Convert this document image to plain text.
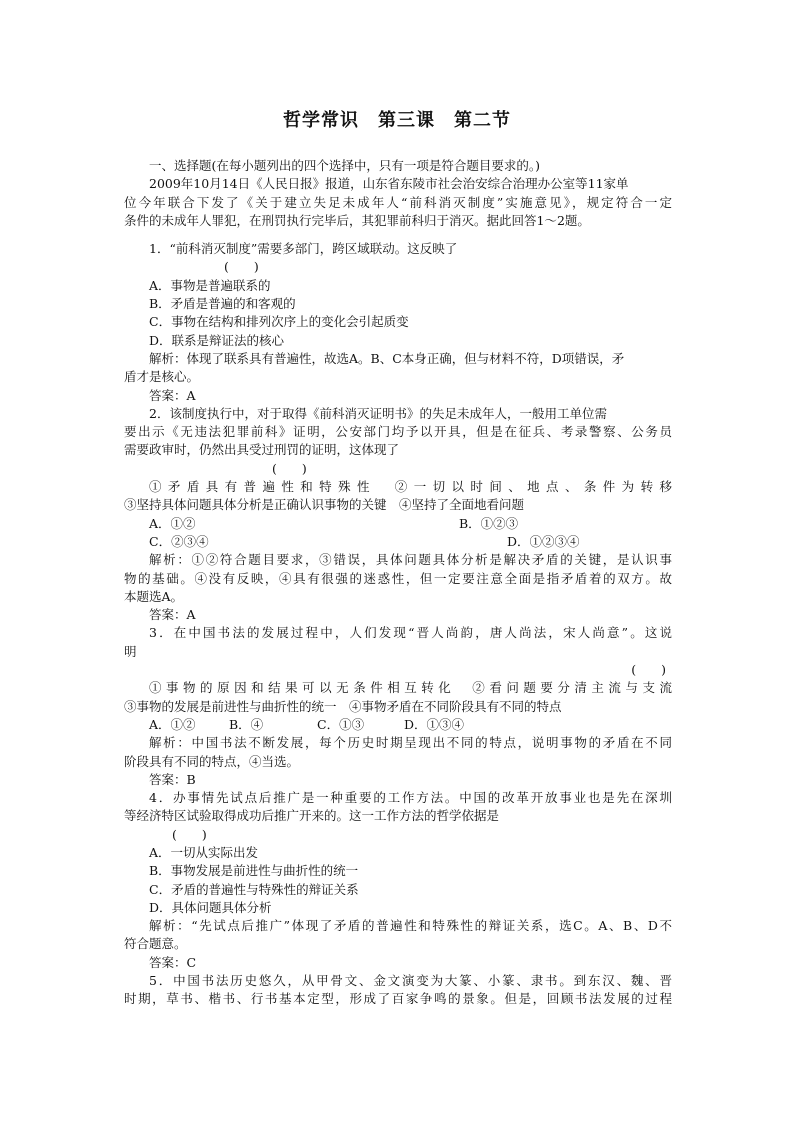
哲学常识　第三课　第二节
一、选择题(在每小题列出的四个选择中，只有一项是符合题目要求的。)
2009年10月14日《人民日报》报道，山东省东陵市社会治安综合治理办公室等11家单
位今年联合下发了《关于建立失足未成年人“前科消灭制度”实施意见》，规定符合一定
条件的未成年人罪犯，在刑罚执行完毕后，其犯罪前科归于消灭。据此回答1～2题。
1．“前科消灭制度”需要多部门，跨区域联动。这反映了
(　　)
A．事物是普遍联系的
B．矛盾是普遍的和客观的
C．事物在结构和排列次序上的变化会引起质变
D．联系是辩证法的核心
解析：体现了联系具有普遍性，故选A。B、C本身正确，但与材料不符，D项错误，矛
盾才是核心。
答案：A
2．该制度执行中，对于取得《前科消灭证明书》的失足未成年人，一般用工单位需
要出示《无违法犯罪前科》证明，公安部门均予以开具，但是在征兵、考录警察、公务员
需要政审时，仍然出具受过刑罚的证明，这体现了
(　　)
①矛盾具有普遍性和特殊性　②一切以时间、地点、条件为转移
③坚持具体问题具体分析是正确认识事物的关键　④坚持了全面地看问题
A．①②	B．①②③
C．②③④	D．①②③④
解析：①②符合题目要求，③错误，具体问题具体分析是解决矛盾的关键，是认识事
物的基础。④没有反映，④具有很强的迷惑性，但一定要注意全面是指矛盾着的双方。故
本题选A。
答案：A
3．在中国书法的发展过程中，人们发现“晋人尚韵，唐人尚法，宋人尚意”。这说
明
(　　)
①事物的原因和结果可以无条件相互转化　②看问题要分清主流与支流
③事物的发展是前进性与曲折性的统一　④事物矛盾在不同阶段具有不同的特点
A．①②	B．④	C．①③	D．①③④
解析：中国书法不断发展，每个历史时期呈现出不同的特点，说明事物的矛盾在不同
阶段具有不同的特点，④当选。
答案：B
4．办事情先试点后推广是一种重要的工作方法。中国的改革开放事业也是先在深圳
等经济特区试验取得成功后推广开来的。这一工作方法的哲学依据是
(　　)
A．一切从实际出发
B．事物发展是前进性与曲折性的统一
C．矛盾的普遍性与特殊性的辩证关系
D．具体问题具体分析
解析：“先试点后推广”体现了矛盾的普遍性和特殊性的辩证关系，选C。A、B、D不
符合题意。
答案：C
5．中国书法历史悠久，从甲骨文、金文演变为大篆、小篆、隶书。到东汉、魏、晋
时期，草书、楷书、行书基本定型，形成了百家争鸣的景象。但是，回顾书法发展的过程
